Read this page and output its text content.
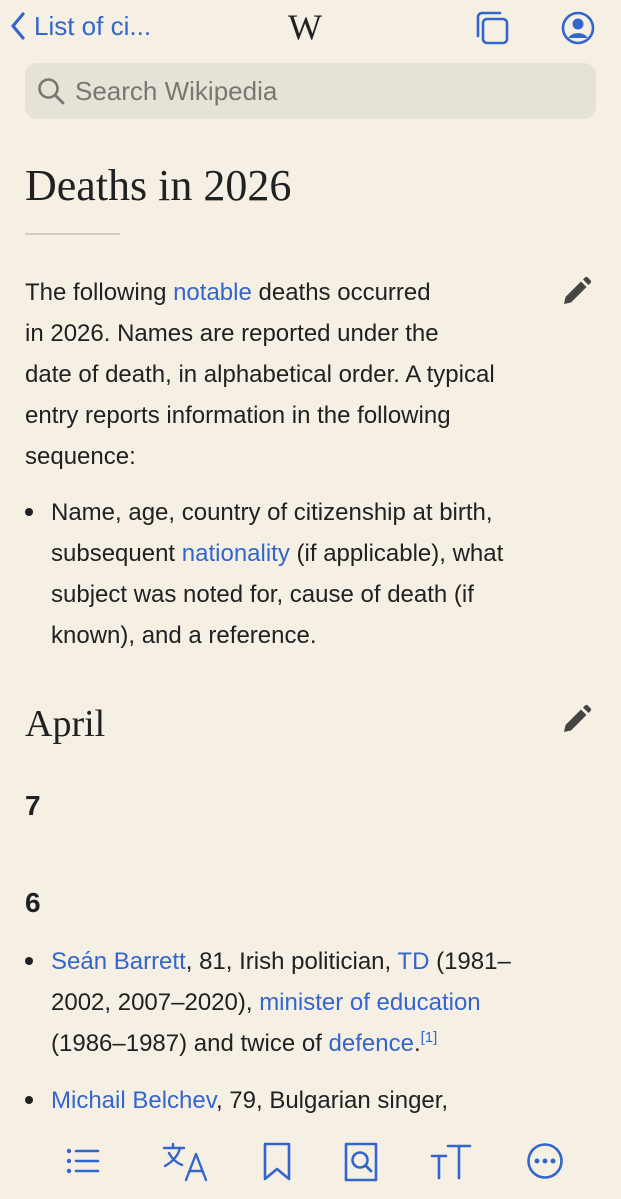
List of ci...	W
Search Wikipedia
Deaths in 2026
The following notable deaths occurred
in 2026. Names are reported under the
date of death, in alphabetical order. A typical
entry reports information in the following
sequence:
Name, age, country of citizenship at birth,
subsequent nationality (if applicable), what
subject was noted for, cause of death (if
known), and a reference.
April
7
6
Seán Barrett, 81, Irish politician, TD (1981–
2002, 2007–2020), minister of education
(1986–1987) and twice of defence.[1]
Michail Belchev, 79, Bulgarian singer,
